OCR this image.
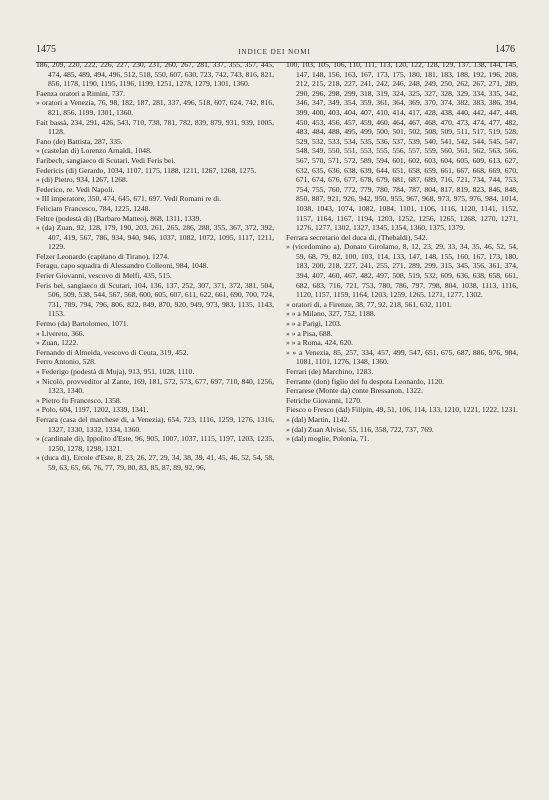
1475	INDICE DEI NOMI	1476

186, 209, 220, 222, 226, 227, 230, 231, 260, 267, 281, 337, 355, 357, 445, 474, 485, 489, 494, 496, 512, 518, 550, 607, 630, 723, 742, 743, 816, 821, 856, 1178, 1190, 1195, 1196, 1199, 1251, 1278, 1279, 1301, 1360.

Faenza oratori a Rimini, 737.

» oratori a Venezia, 76, 98, 182, 187, 281, 337, 496, 518, 607, 624, 742, 816, 821, 856, 1199, 1301, 1360.

Fait bassà, 234, 291, 426, 543, 710, 738, 781, 782, 839, 879, 931, 939, 1005, 1128.

Fano (de) Battista, 287, 335.

» (castelan di) Lorenzo Arnaldi, 1048.

Faribech, sangiaeco di Scutari. Vedi Feris bei.

Federicis (di) Gerardo, 1034, 1107, 1175, 1188, 1211, 1267, 1268, 1275.

» (di) Pietro, 934, 1267, 1268.

Federico, re. Vedi Napoli.

» III imperatore, 350, 474, 645, 671, 697. Vedi Romani re di.

Feliciam Francesco, 784, 1225, 1248.

Feltre (podestà di) (Barbaro Matteo), 868, 1311, 1339.

» (da) Zuan, 92, 128, 179, 190, 203, 261, 265, 286, 288, 355, 367, 372, 392, 407, 419, 567, 786, 934, 940, 946, 1037, 1082, 1072, 1095, 1117, 1211, 1229.

Felzer Leonardo (capitano di Tirano), 1274.

Feragu, capo squadra di Alessandro Colleoni, 984, 1048.

Ferier Giovanni, vescovo di Melfi, 435, 515.

Feris bei, sangiaeco di Scutari, 104, 136, 137, 252, 307, 371, 372, 381, 504, 506, 509, 538, 544, 567, 568, 600, 605, 607, 611, 622, 661, 690, 700, 724, 731, 789, 794, 796, 806, 822, 849, 870, 920, 949, 973, 983, 1135, 1143, 1153.

Fermo (da) Bartolomeo, 1071.

» Livereto, 366.

» Zuan, 1222.

Fernando di Almeida, vescovo di Ceuta, 319, 452.

Ferro Antonio, 528.

» Federigo (podestà di Muja), 913, 951, 1028, 1110.

» Nicolò, provveditor al Zante, 169, 181, 572, 573, 677, 697, 710, 840, 1256, 1323, 1340.

» Pietro fu Francesco, 1358.

» Polo, 604, 1197, 1202, 1339, 1341.

Ferrara (casa del marchese di, a Venezia), 654, 723, 1116, 1259, 1276, 1316, 1327, 1330, 1332, 1334, 1360.

» (cardinale di), Ippolito d'Este, 96, 905, 1007, 1037, 1115, 1197, 1203, 1235, 1250, 1278, 1298, 1321.

» (duca di), Ercole d'Este, 8, 23, 26, 27, 29, 34, 38, 39, 41, 45, 46, 52, 54, 58, 59, 63, 65, 66, 76, 77, 79, 80, 83, 85, 87, 89, 92, 96,

100, 103, 105, 106, 110, 111, 113, 120, 122, 128, 129, 137, 138, 144, 145, 147, 148, 156, 163, 167, 173, 175, 180, 181, 183, 188, 192, 196, 208, 212, 215, 218, 227, 241, 242, 246, 248, 249, 250, 262, 267, 271, 289, 290, 296, 298, 299, 318, 319, 324, 325, 327, 328, 329, 334, 335, 342, 346, 347, 349, 354, 359, 361, 364, 369, 370, 374, 382, 383, 386, 394, 399, 400, 403, 404, 407, 410, 414, 417, 428, 438, 440, 442, 447, 448, 450, 453, 456, 457, 459, 460, 464, 467, 468, 470, 473, 474, 477, 482, 483, 484, 488, 495, 499, 500, 501, 502, 508, 509, 511, 517, 519, 528, 529, 532, 533, 534, 535, 536, 537, 539, 540, 541, 542, 544, 545, 547, 548, 549, 550, 551, 553, 555, 556, 557, 559, 560, 561, 562, 563, 566, 567, 570, 571, 572, 589, 594, 601, 602, 603, 604, 605, 609, 613, 627, 632, 635, 636, 638, 639, 644, 651, 658, 659, 661, 667, 668, 669, 670, 671, 674, 676, 677, 678, 679, 681, 687, 689, 716, 721, 734, 744, 753, 754, 755, 760, 772, 779, 780, 784, 787, 804, 817, 819, 823, 846, 848, 850, 887, 921, 926, 942, 950, 955, 967, 968, 973, 975, 976, 984, 1014, 1038, 1043, 1074, 1082, 1084, 1101, 1106, 1116, 1120, 1141, 1152, 1157, 1164, 1167, 1194, 1203, 1252, 1256, 1265, 1268, 1270, 1271, 1276, 1277, 1302, 1327, 1345, 1354, 1360, 1375, 1379.

Ferrara secretario del duca di, (Thebaldi), 542.

» (vicedomino a), Donato Girolamo, 8, 12, 23, 29, 33, 34, 35, 46, 52, 54, 59, 68, 79, 82, 100, 103, 114, 133, 147, 148, 155, 160, 167, 173, 180, 183, 200, 218, 227, 241, 255, 271, 289, 299, 315, 345, 356, 361, 374, 394, 407, 460, 467, 482, 497, 508, 519, 532, 609, 636, 638, 658, 661, 682, 683, 716, 721, 753, 780, 786, 797, 798, 804, 1038, 1113, 1116, 1120, 1157, 1159, 1164, 1203, 1259, 1265, 1271, 1277, 1302.

» oratori di, a Firenze, 38, 77, 92, 218, 561, 632, 1101.

» » a Milano, 327, 752, 1188.

» » a Parigi, 1203.

» » a Pisa, 688.

» » a Roma, 424, 620.

» » a Venezia, 85, 257, 334, 457, 499, 547, 651, 675, 687, 886, 976, 984, 1081, 1101, 1276, 1348, 1360.

Ferrari (de) Marchino, 1283.

Ferrante (don) figlio del fu despota Leonardo, 1120.

Ferrarese (Monte da) conte Bressanon, 1322.

Fetriche Giovanni, 1270.

Fiesco o Fresco (dal) Filipin, 49, 51, 106, 114, 133, 1210, 1221, 1222, 1231.

» (dal) Martin, 1142.

» (dal) Zuan Alvise, 55, 116, 358, 722, 737, 769.

» (dal) moglie, Polonia, 71.
